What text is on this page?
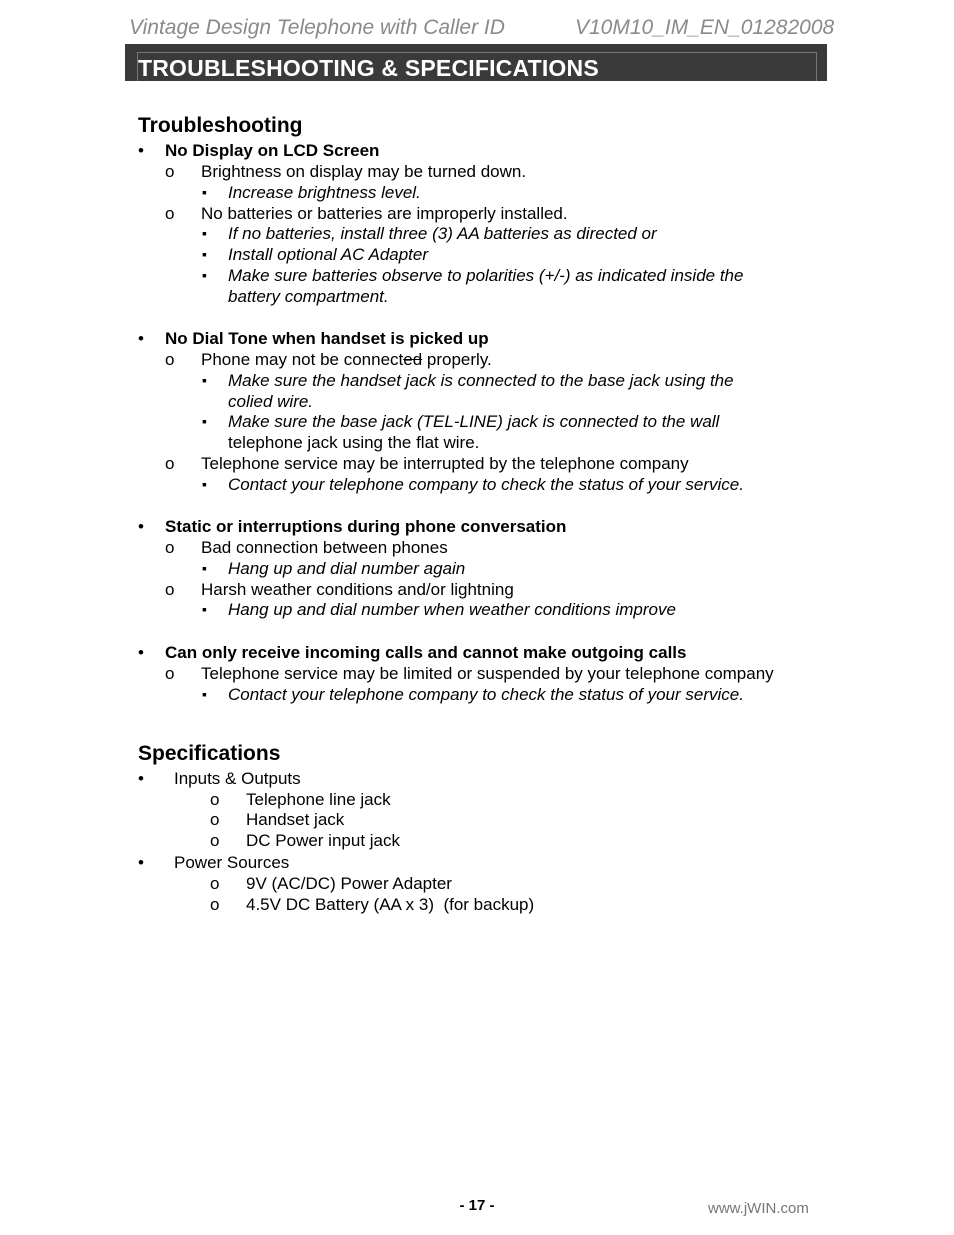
Vintage Design Telephone with Caller ID	V10M10_IM_EN_01282008
TROUBLESHOOTING & SPECIFICATIONS
Troubleshooting
•
No Display on LCD Screen
o
Brightness on display may be turned down.
▪
Increase brightness level.
o
No batteries or batteries are improperly installed.
▪
If no batteries, install three (3) AA batteries as directed or
▪
Install optional AC Adapter
▪
Make sure batteries observe to polarities (+/-) as indicated inside the
battery compartment.
•
No Dial Tone when handset is picked up
o
Phone may not be connected properly.
▪
Make sure the handset jack is connected to the base jack using the
colied wire.
▪
Make sure the base jack (TEL-LINE) jack is connected to the wall
telephone jack using the flat wire.
o
Telephone service may be interrupted by the telephone company
▪
Contact your telephone company to check the status of your service.
•
Static or interruptions during phone conversation
o
Bad connection between phones
▪
Hang up and dial number again
o
Harsh weather conditions and/or lightning
▪
Hang up and dial number when weather conditions improve
•
Can only receive incoming calls and cannot make outgoing calls
o
Telephone service may be limited or suspended by your telephone company
▪
Contact your telephone company to check the status of your service.
Specifications
•
Inputs & Outputs
o
Telephone line jack
o
Handset jack
o
DC Power input jack
•
Power Sources
o
9V (AC/DC) Power Adapter
o
4.5V DC Battery (AA x 3)  (for backup)
- 17 -	www.jWIN.com
